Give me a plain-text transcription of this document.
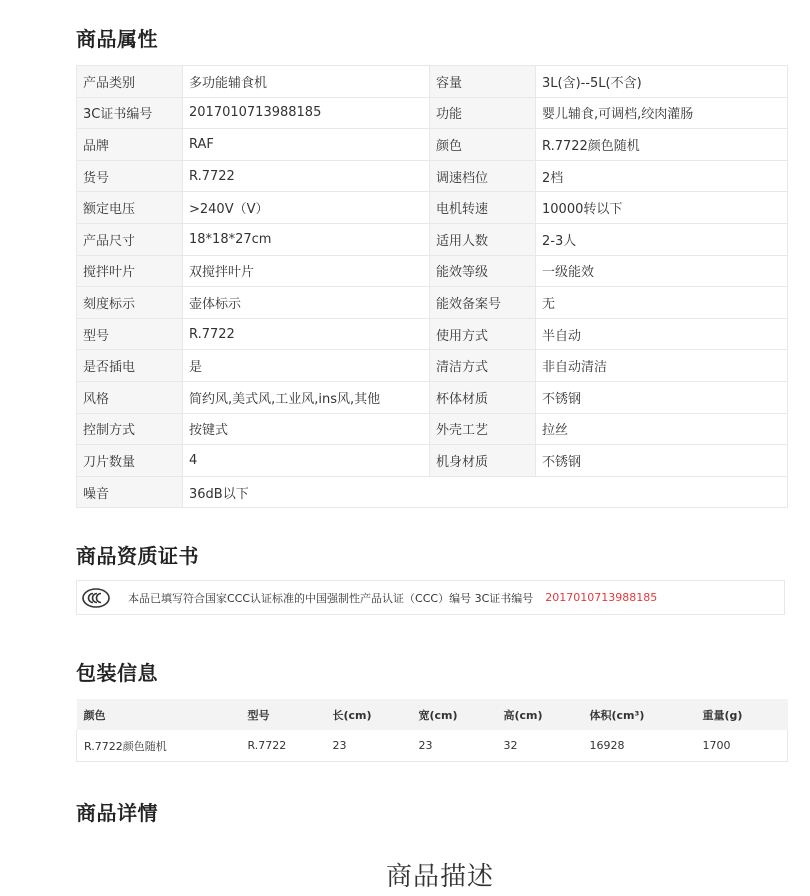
商品属性
产品类别	多功能辅食机	容量	3L(含)--5L(不含)
3C证书编号	2017010713988185	功能	婴儿辅食,可调档,绞肉灌肠
品牌	RAF	颜色	R.7722颜色随机
货号	R.7722	调速档位	2档
额定电压	>240V（V）	电机转速	10000转以下
产品尺寸	18*18*27cm	适用人数	2-3人
搅拌叶片	双搅拌叶片	能效等级	一级能效
刻度标示	壶体标示	能效备案号	无
型号	R.7722	使用方式	半自动
是否插电	是	清洁方式	非自动清洁
风格	简约风,美式风,工业风,ins风,其他	杯体材质	不锈钢
控制方式	按键式	外壳工艺	拉丝
刀片数量	4	机身材质	不锈钢
噪音	36dB以下		
商品资质证书
本品已填写符合国家CCC认证标准的中国强制性产品认证（CCC）编号 3C证书编号 2017010713988185
包装信息
颜色	型号	长(cm)	宽(cm)	高(cm)	体积(cm³)	重量(g)
R.7722颜色随机	R.7722	23	23	32	16928	1700
商品详情
商品描述
